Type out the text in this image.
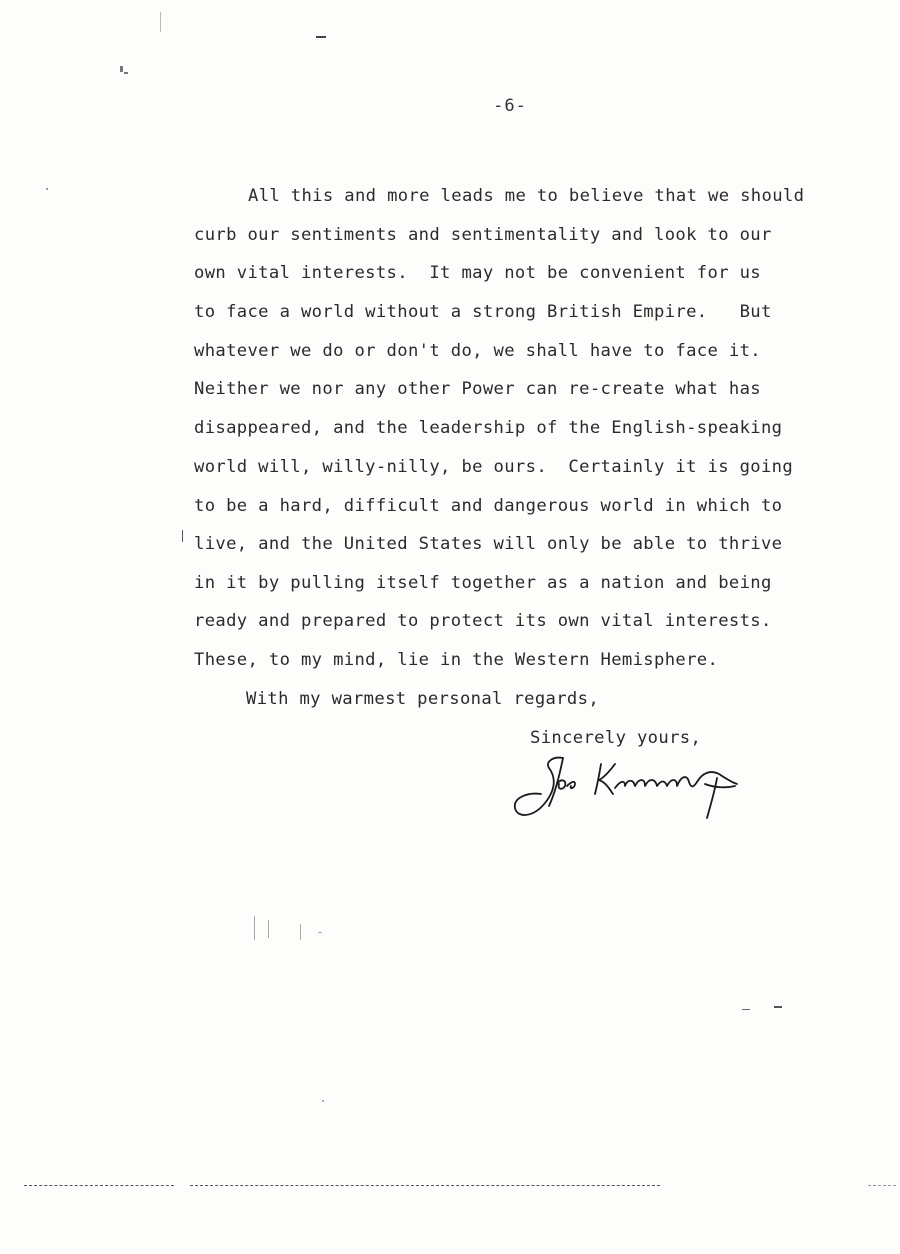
-6-
All this and more leads me to believe that we should
curb our sentiments and sentimentality and look to our
own vital interests.  It may not be convenient for us
to face a world without a strong British Empire.   But
whatever we do or don't do, we shall have to face it.
Neither we nor any other Power can re-create what has
disappeared, and the leadership of the English-speaking
world will, willy-nilly, be ours.  Certainly it is going
to be a hard, difficult and dangerous world in which to
live, and the United States will only be able to thrive
in it by pulling itself together as a nation and being
ready and prepared to protect its own vital interests.
These, to my mind, lie in the Western Hemisphere.
With my warmest personal regards,
Sincerely yours,
